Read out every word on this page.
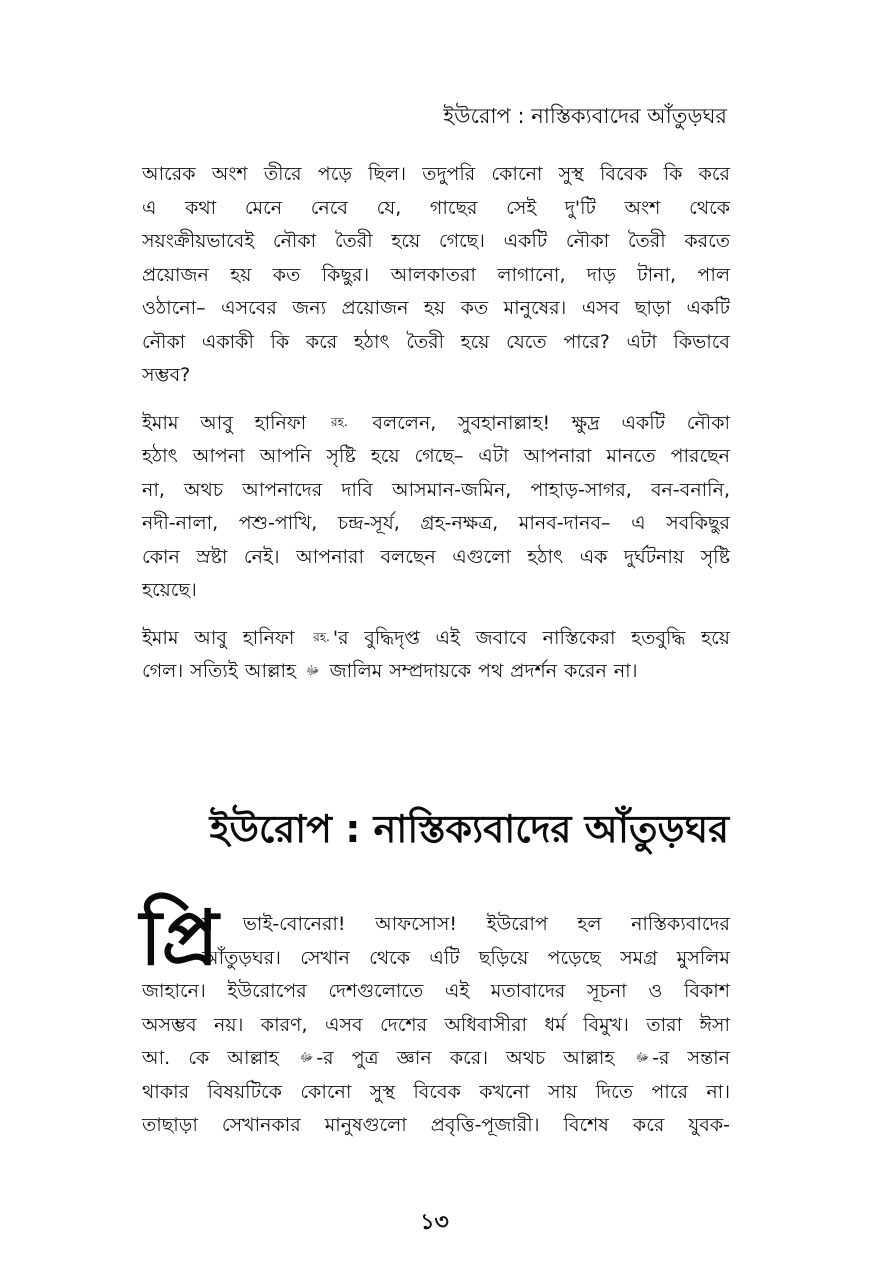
ইউরোপ : নাস্তিক্যবাদের আঁতুড়ঘর

আরেক অংশ তীরে পড়ে ছিল। তদুপরি কোনো সুস্থ বিবেক কি করে
এ কথা মেনে নেবে যে, গাছের সেই দু'টি অংশ থেকে
সয়ংক্রীয়ভাবেই নৌকা তৈরী হয়ে গেছে। একটি নৌকা তৈরী করতে
প্রয়োজন হয় কত কিছুর। আলকাতরা লাগানো, দাড় টানা, পাল
ওঠানো– এসবের জন্য প্রয়োজন হয় কত মানুষের। এসব ছাড়া একটি
নৌকা একাকী কি করে হঠাৎ তৈরী হয়ে যেতে পারে? এটা কিভাবে
সম্ভব?

ইমাম আবু হানিফা রহ. বললেন, সুবহানাল্লাহ! ক্ষুদ্র একটি নৌকা
হঠাৎ আপনা আপনি সৃষ্টি হয়ে গেছে– এটা আপনারা মানতে পারছেন
না, অথচ আপনাদের দাবি আসমান-জমিন, পাহাড়-সাগর, বন-বনানি,
নদী-নালা, পশু-পাখি, চন্দ্র-সূর্য, গ্রহ-নক্ষত্র, মানব-দানব– এ সবকিছুর
কোন স্রষ্টা নেই। আপনারা বলছেন এগুলো হঠাৎ এক দুর্ঘটনায় সৃষ্টি
হয়েছে।

ইমাম আবু হানিফা রহ. 'র বুদ্ধিদৃপ্ত এই জবাবে নাস্তিকেরা হতবুদ্ধি হয়ে
গেল। সত্যিই আল্লাহ ﷻ জালিম সম্প্রদায়কে পথ প্রদর্শন করেন না।

ইউরোপ : নাস্তিক্যবাদের আঁতুড়ঘর
প্রি

য় ভাই-বোনেরা! আফসোস! ইউরোপ হল নাস্তিক্যবাদের
আঁতুড়ঘর। সেখান থেকে এটি ছড়িয়ে পড়েছে সমগ্র মুসলিম
জাহানে। ইউরোপের দেশগুলোতে এই মতাবাদের সূচনা ও বিকাশ
অসম্ভব নয়। কারণ, এসব দেশের অধিবাসীরা ধর্ম বিমুখ। তারা ঈসা
আ. কে আল্লাহ ﷻ -র পুত্র জ্ঞান করে। অথচ আল্লাহ ﷻ -র সন্তান
থাকার বিষয়টিকে কোনো সুস্থ বিবেক কখনো সায় দিতে পারে না।
তাছাড়া সেখানকার মানুষগুলো প্রবৃত্তি-পূজারী। বিশেষ করে যুবক-

১৩
